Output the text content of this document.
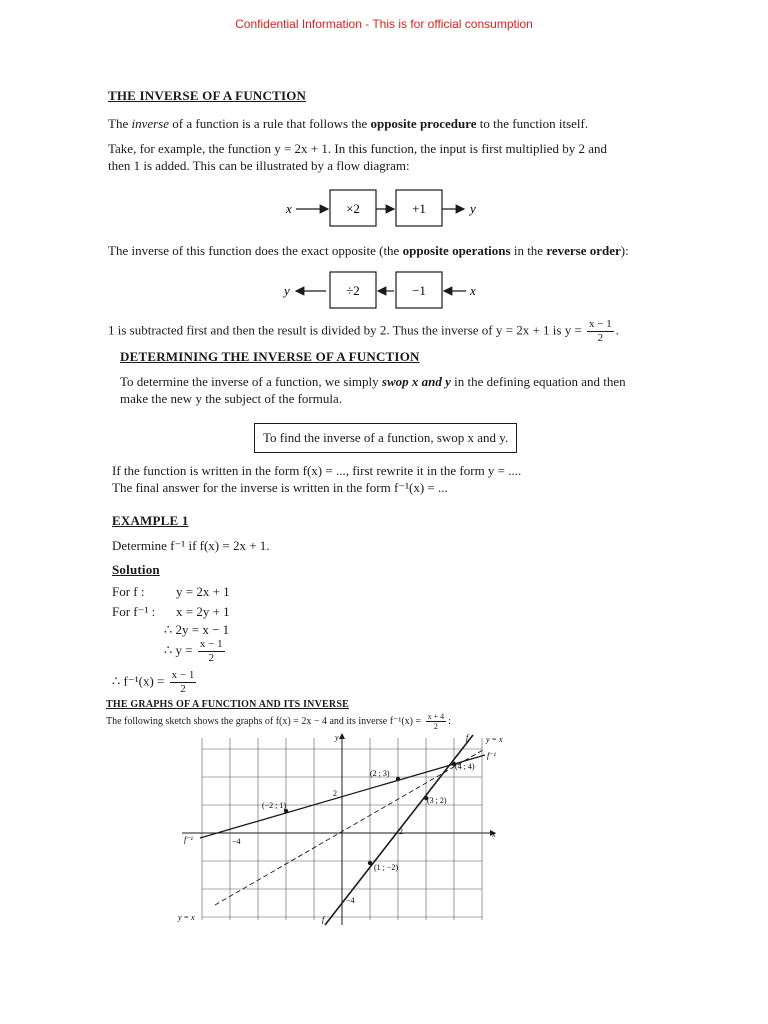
Confidential Information - This is for official consumption
THE INVERSE OF A FUNCTION
The inverse of a function is a rule that follows the opposite procedure to the function itself.
Take, for example, the function y = 2x + 1. In this function, the input is first multiplied by 2 and
then 1 is added. This can be illustrated by a flow diagram:
x	×2	+1	y
The inverse of this function does the exact opposite (the opposite operations in the reverse order):
y	÷2	−1	x
1 is subtracted first and then the result is divided by 2. Thus the inverse of y = 2x + 1 is $y = \frac{x - 1}{2}$ .
DETERMINING THE INVERSE OF A FUNCTION
To determine the inverse of a function, we simply swop x and y in the defining equation and then
make the new y the subject of the formula.
To find the inverse of a function, swop x and y.
If the function is written in the form f(x) = ..., first rewrite it in the form y = ....
The final answer for the inverse is written in the form f⁻¹(x) = ...
EXAMPLE 1
Determine f⁻¹ if f(x) = 2x + 1.
Solution
For f : y = 2x + 1
For f⁻¹ : x = 2y + 1
∴ 2y = x − 1
∴ $y = \frac{x - 1}{2}$
∴ $f^{-1}(x) = \frac{x - 1}{2}$
THE GRAPHS OF A FUNCTION AND ITS INVERSE
The following sketch shows the graphs of f(x) = 2x − 4 and its inverse $f^{-1}(x) = \frac{x + 4}{2}$ :
x
y
(−2 ; 1)
(2 ; 3)
(4 ; 4)
(3 ; 2)
(1 ; −2)
−4
2
2
−4
f y = x
f⁻¹
f⁻¹
y = x	f
